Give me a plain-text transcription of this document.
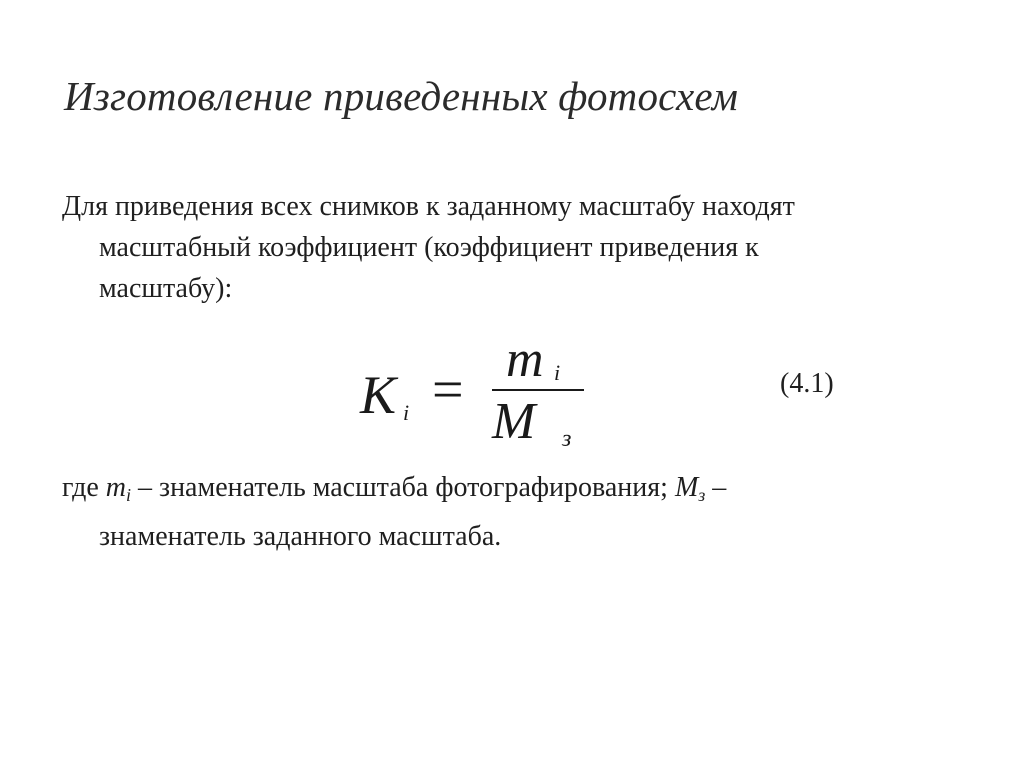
Изготовление приведенных фотосхем
Для приведения всех снимков к заданному масштабу находят
масштабный коэффициент (коэффициент приведения к
масштабу):
K i = m i
M з
(4.1)
где $m_i$ – знаменатель масштаба фотографирования; $M_з$ –
знаменатель заданного масштаба.
